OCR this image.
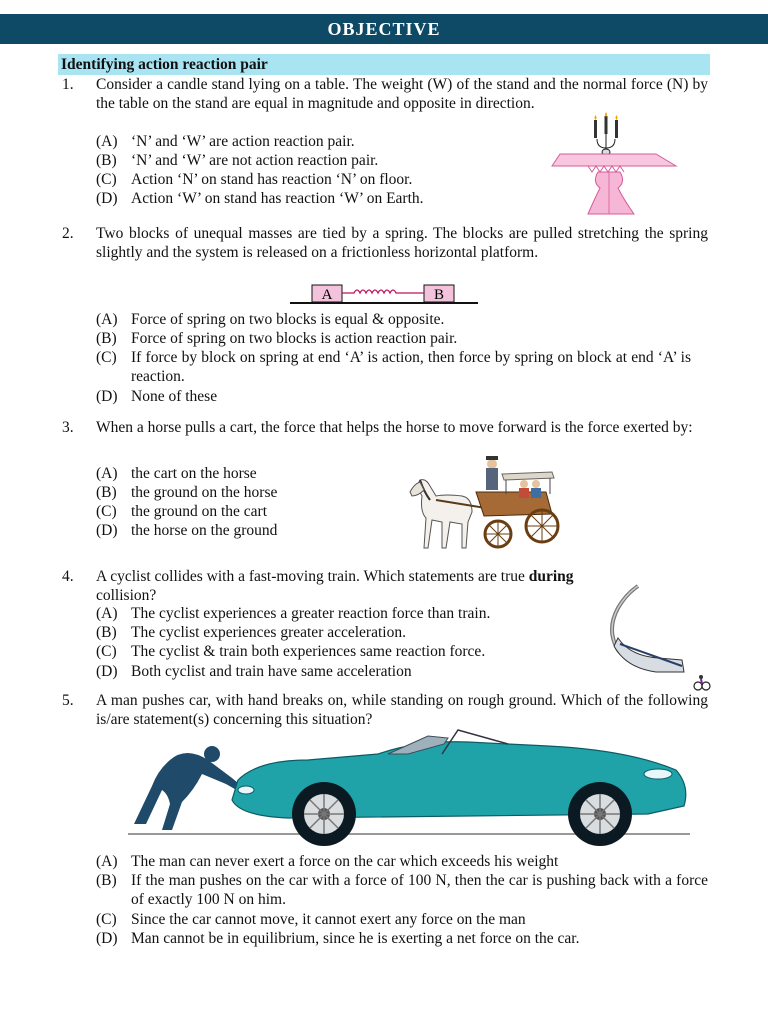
OBJECTIVE
Identifying action reaction pair
1. Consider a candle stand lying on a table. The weight (W) of the stand and the normal force (N) by the table on the stand are equal in magnitude and opposite in direction.
(A) ‘N’ and ‘W’ are action reaction pair.
(B) ‘N’ and ‘W’ are not action reaction pair.
(C) Action ‘N’ on stand has reaction ‘N’ on floor.
(D) Action ‘W’ on stand has reaction ‘W’ on Earth.
2. Two blocks of unequal masses are tied by a spring. The blocks are pulled stretching the spring slightly and the system is released on a frictionless horizontal platform.
A	B
(A) Force of spring on two blocks is equal & opposite.
(B) Force of spring on two blocks is action reaction pair.
(C) If force by block on spring at end ‘A’ is action, then force by spring on block at end ‘A’ is reaction.
(D) None of these
3. When a horse pulls a cart, the force that helps the horse to move forward is the force exerted by:
(A) the cart on the horse
(B) the ground on the horse
(C) the ground on the cart
(D) the horse on the ground
4. A cyclist collides with a fast-moving train. Which statements are true during
collision?
(A) The cyclist experiences a greater reaction force than train.
(B) The cyclist experiences greater acceleration.
(C) The cyclist & train both experiences same reaction force.
(D) Both cyclist and train have same acceleration
5. A man pushes car, with hand breaks on, while standing on rough ground. Which of the following is/are statement(s) concerning this situation?
(A) The man can never exert a force on the car which exceeds his weight
(B) If the man pushes on the car with a force of 100 N, then the car is pushing back with a force of exactly 100 N on him.
(C) Since the car cannot move, it cannot exert any force on the man
(D) Man cannot be in equilibrium, since he is exerting a net force on the car.
